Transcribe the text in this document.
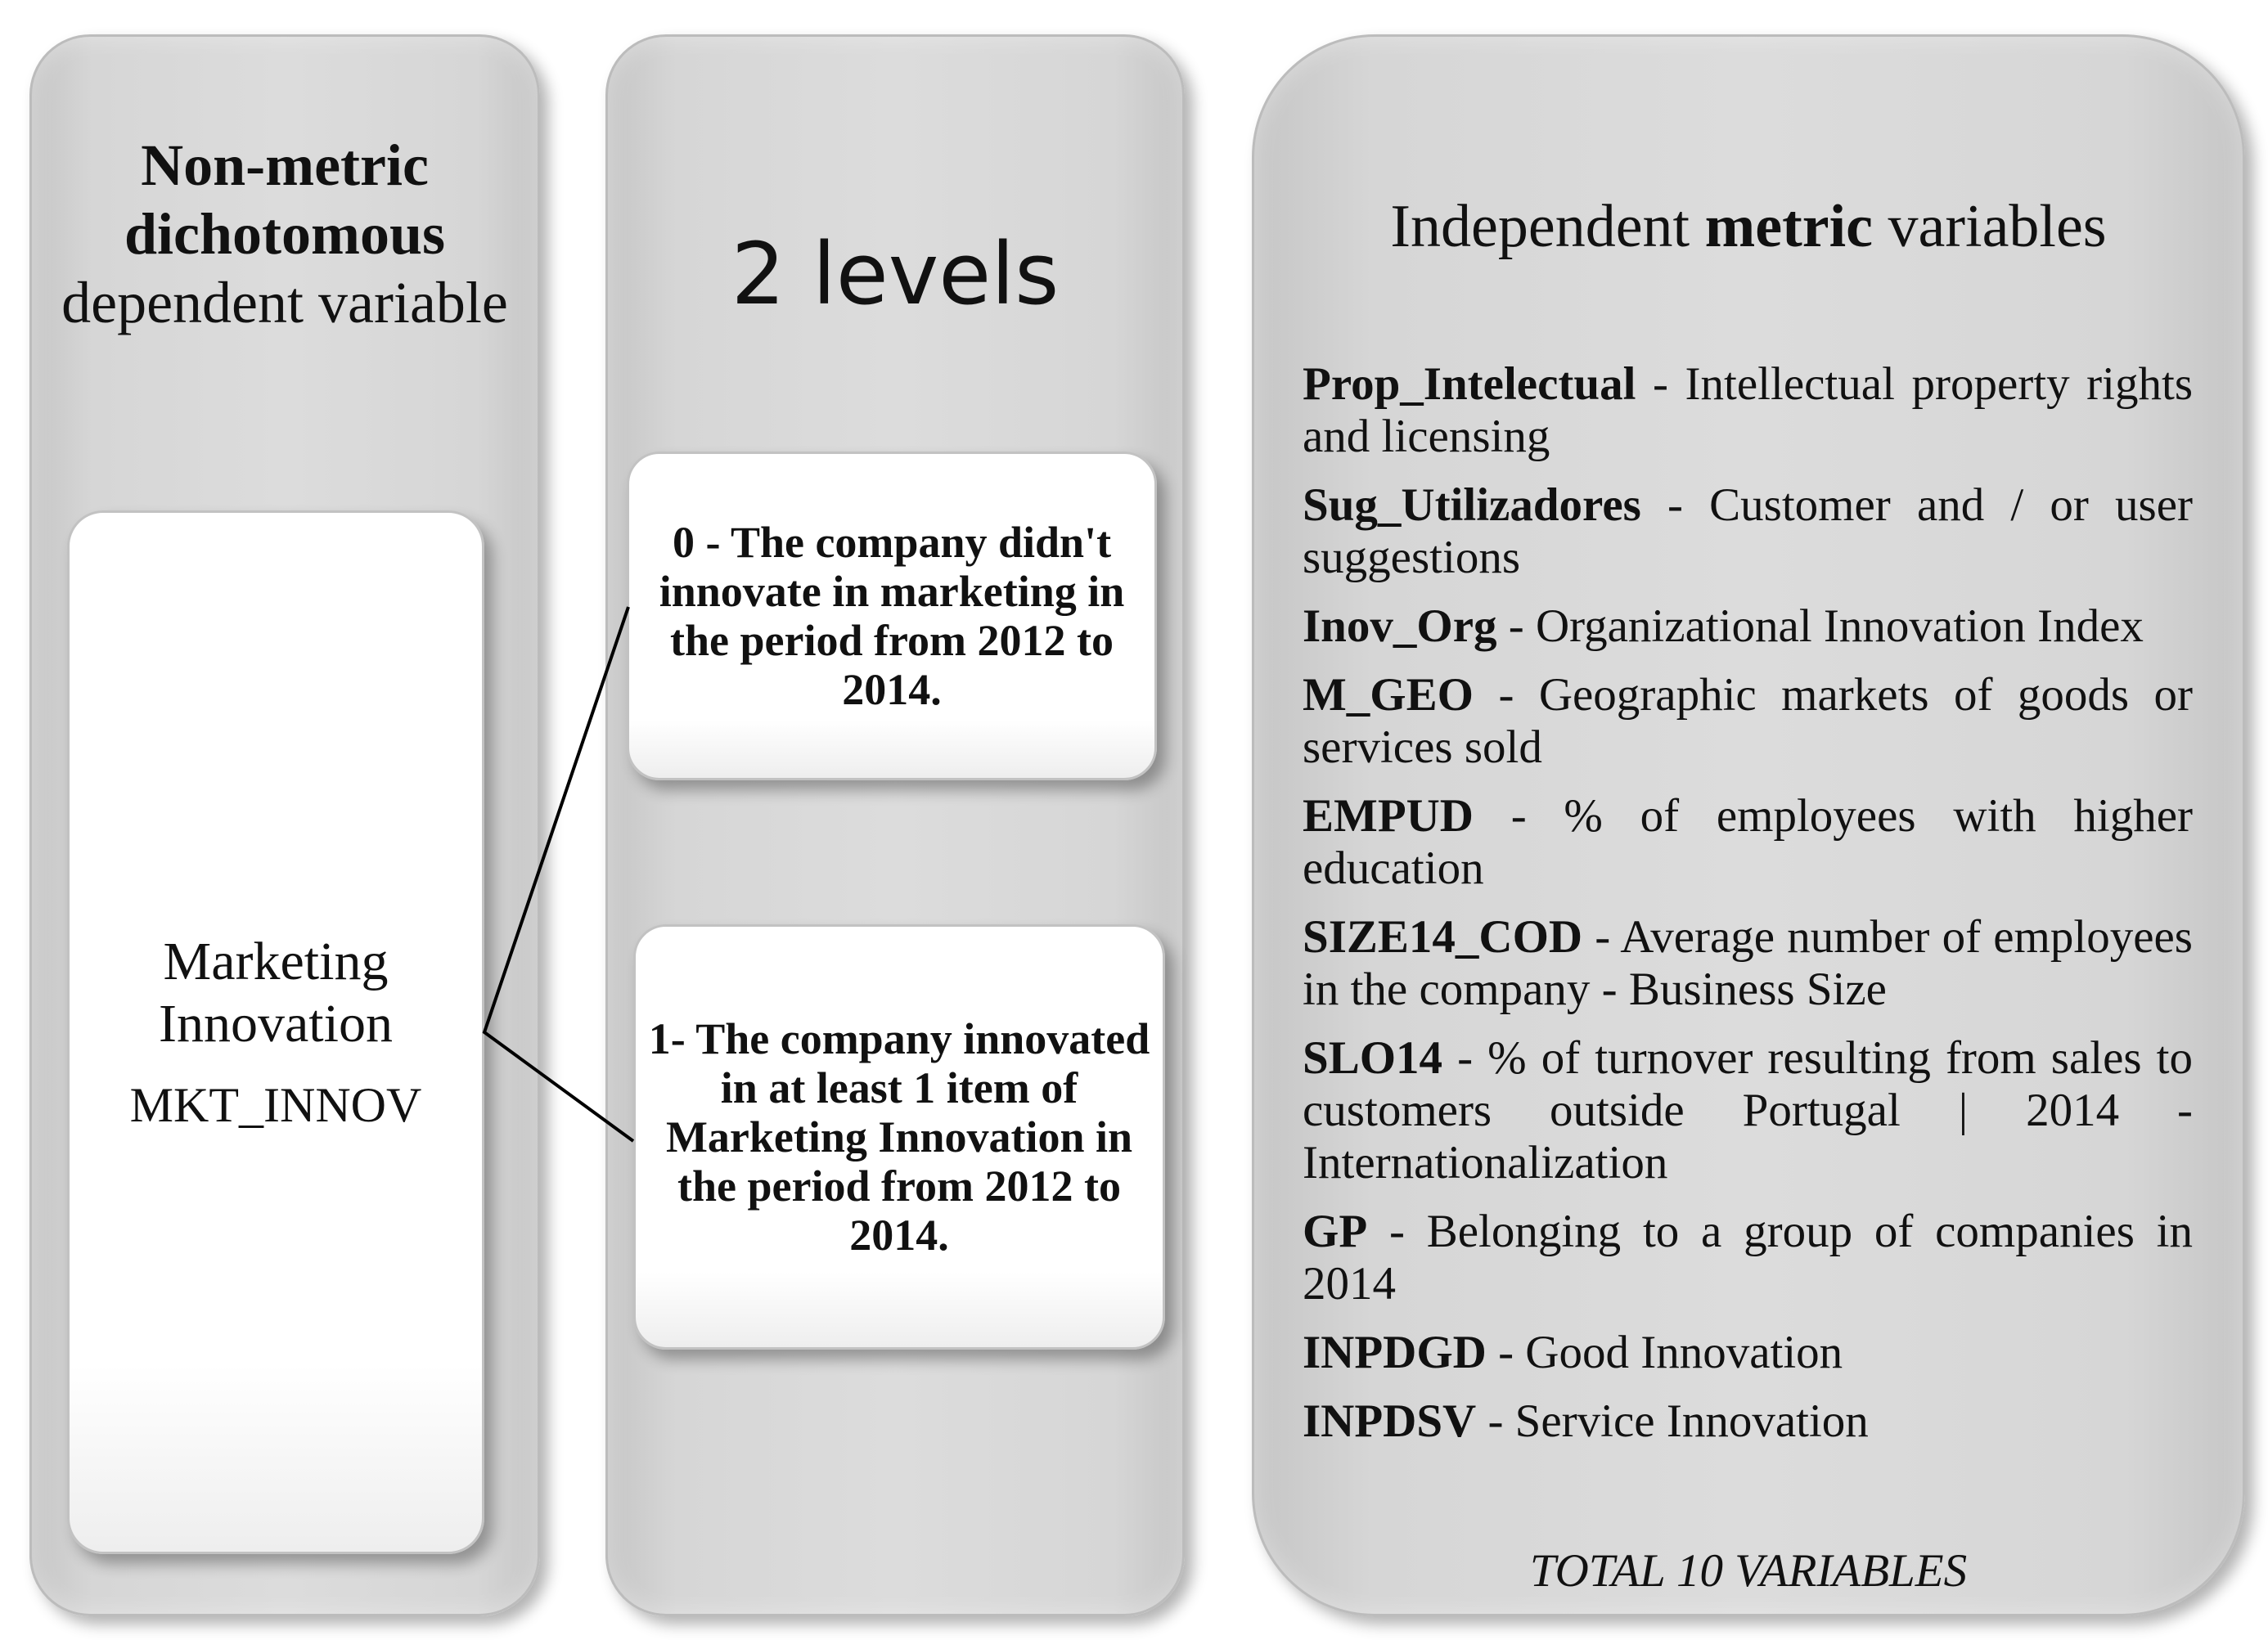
Non-metric dichotomous
dependent variable
Marketing Innovation
MKT_INNOV
2 levels
0 - The company didn't innovate in marketing in the period from 2012 to 2014.
1- The company innovated in at least 1 item of Marketing Innovation in the period from 2012 to 2014.
Independent metric variables
Prop_Intelectual - Intellectual property rights and licensing
Sug_Utilizadores - Customer and / or user suggestions
Inov_Org - Organizational Innovation Index
M_GEO - Geographic markets of goods or services sold
EMPUD - % of employees with higher education
SIZE14_COD - Average number of employees in the company - Business Size
SLO14 - % of turnover resulting from sales to customers outside Portugal | 2014 - Internationalization
GP - Belonging to a group of companies in 2014
INPDGD - Good Innovation
INPDSV - Service Innovation
TOTAL 10 VARIABLES
